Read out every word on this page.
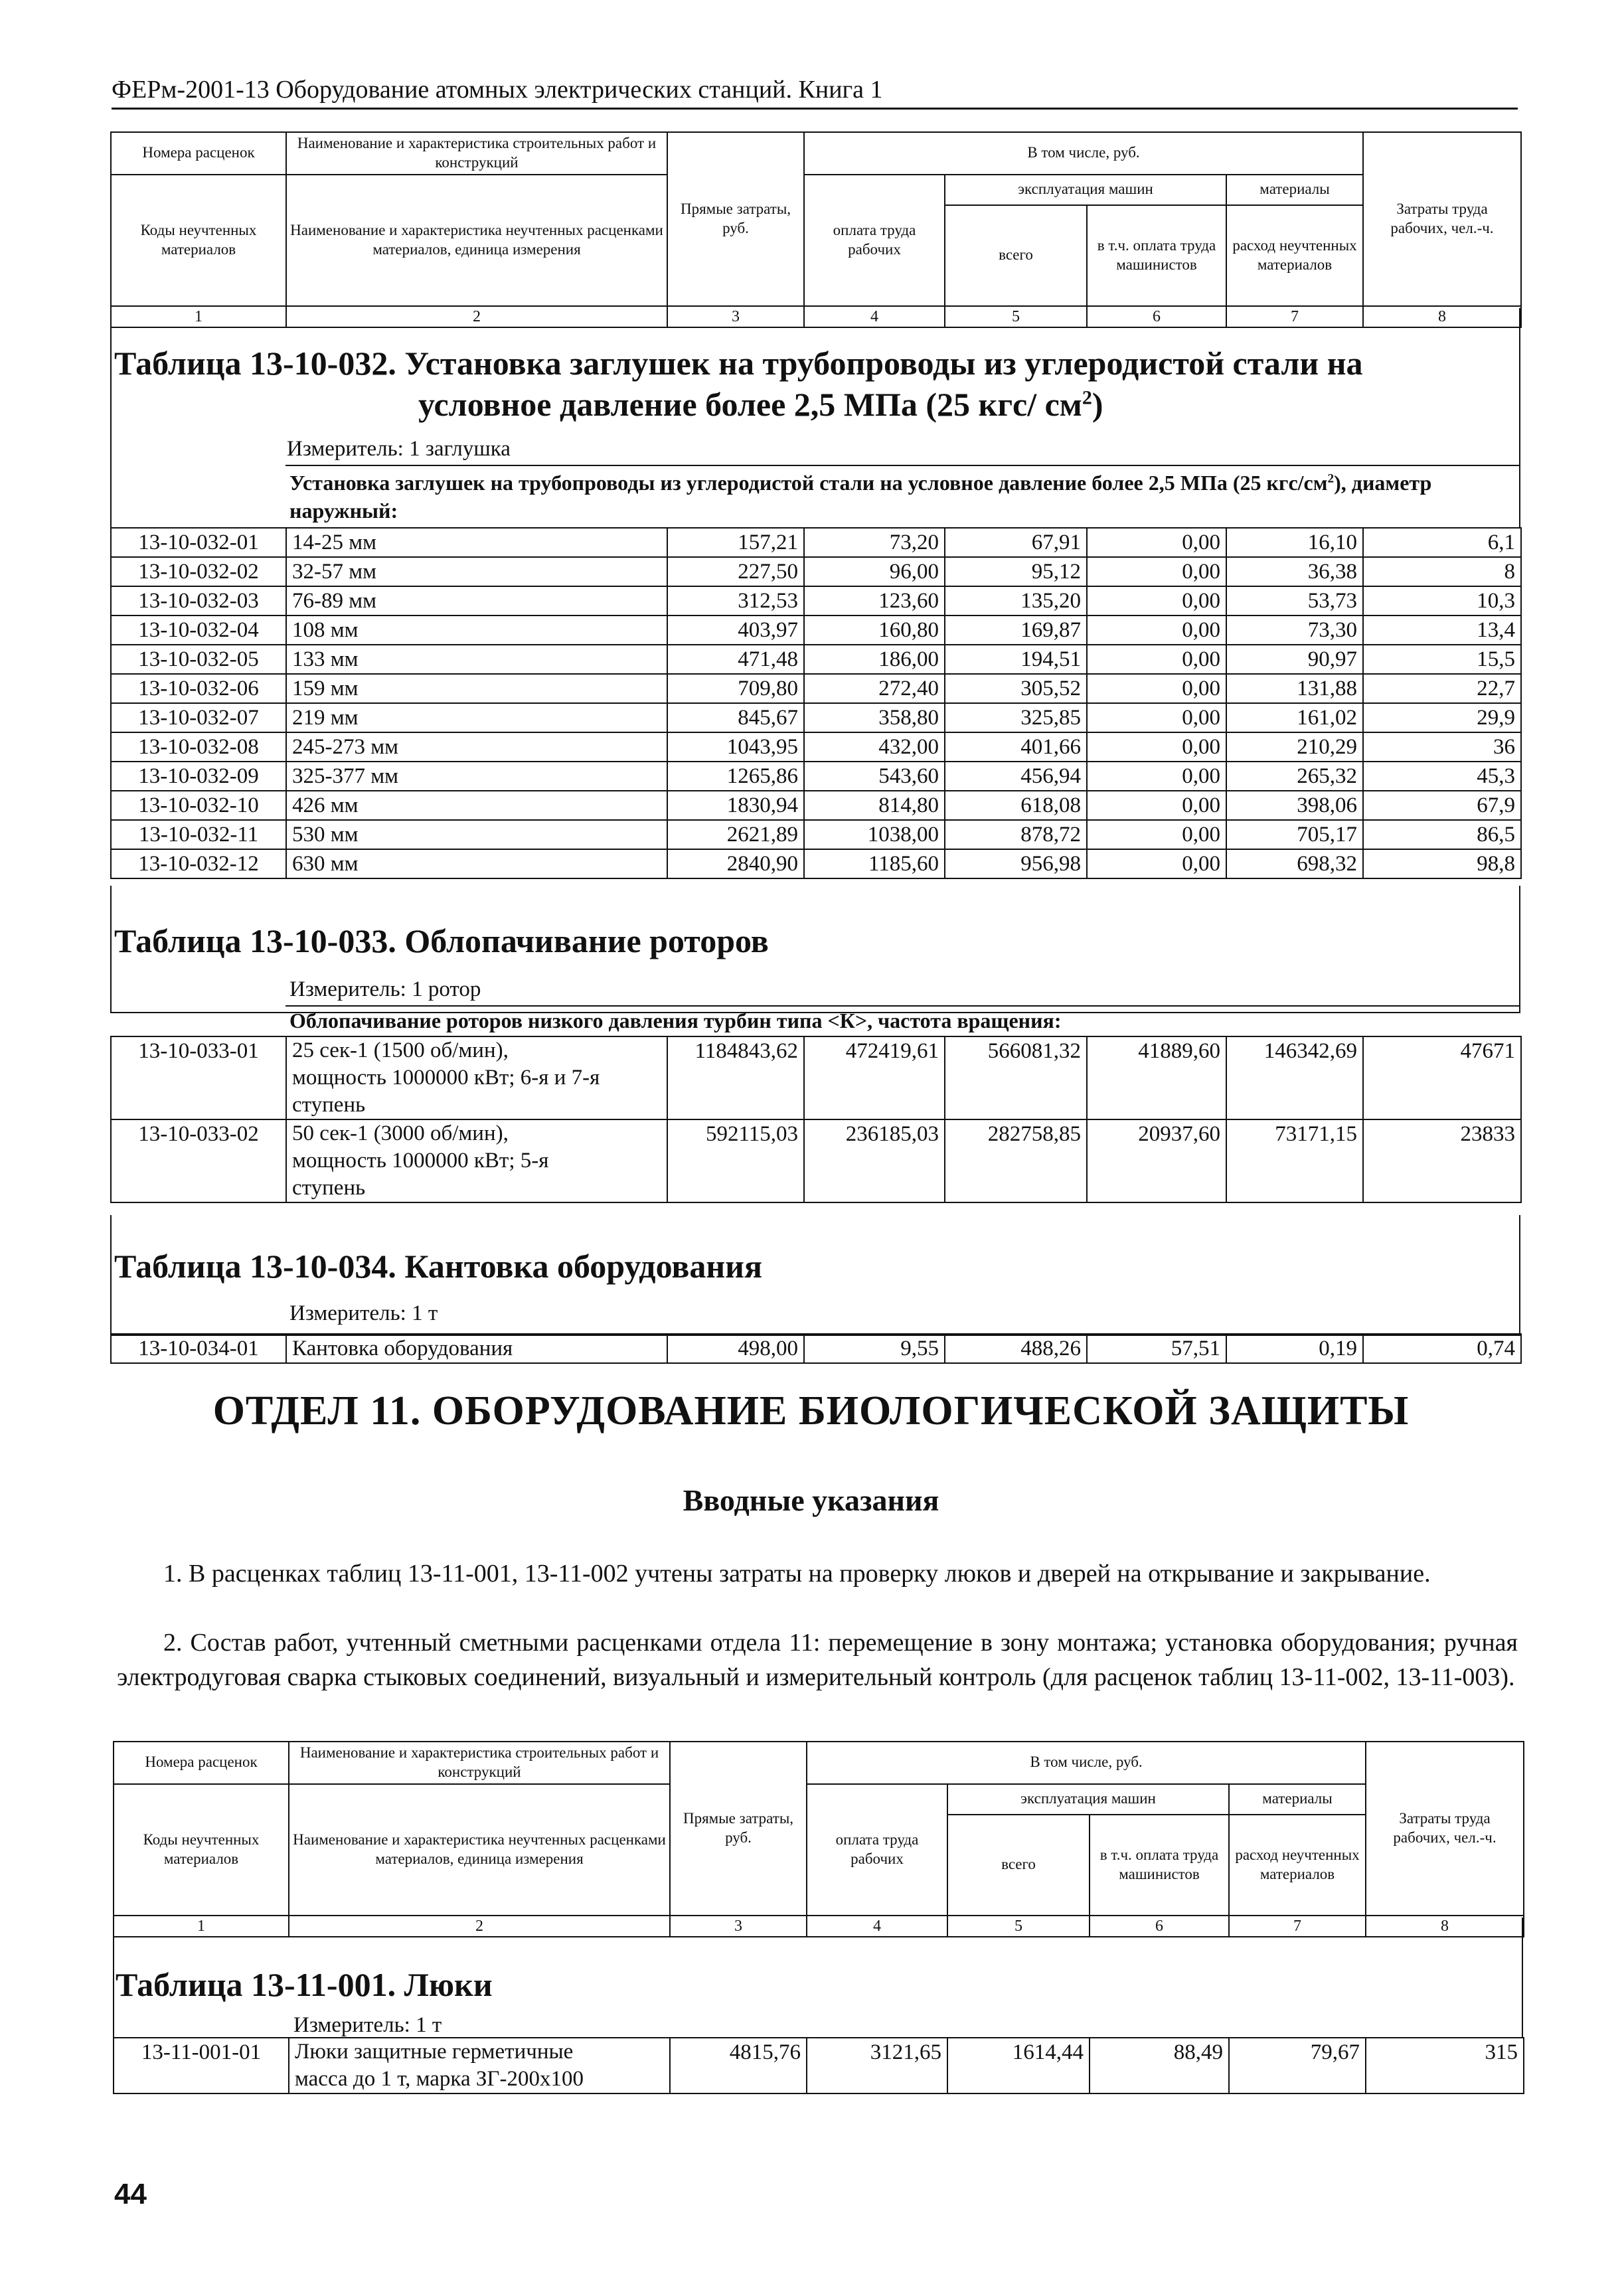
ФЕРм-2001-13 Оборудование атомных электрических станций. Книга 1
Номера расценок	Наименование и характеристика строительных работ и конструкций	Прямые затраты, руб.	В том числе, руб.				Затраты труда рабочих, чел.-ч.
Коды неучтенных материалов	Наименование и характеристика неучтенных расценками материалов, единица измерения		оплата труда рабочих	эксплуатация машин		материалы	
				всего	в т.ч. оплата труда машинистов	расход неучтенных материалов	
1	2	3	4	5	6	7	8
Таблица 13-10-032. Установка заглушек на трубопроводы из углеродистой стали на
условное давление более 2,5 МПа (25 кгс/ $см^2$)
Измеритель: 1 заглушка
Установка заглушек на трубопроводы из углеродистой стали на условное давление более 2,5 МПа (25 кгс/$см^2$), диаметр наружный:
13-10-032-01	14-25 мм	157,21	73,20	67,91	0,00	16,10	6,1
13-10-032-02	32-57 мм	227,50	96,00	95,12	0,00	36,38	8
13-10-032-03	76-89 мм	312,53	123,60	135,20	0,00	53,73	10,3
13-10-032-04	108 мм	403,97	160,80	169,87	0,00	73,30	13,4
13-10-032-05	133 мм	471,48	186,00	194,51	0,00	90,97	15,5
13-10-032-06	159 мм	709,80	272,40	305,52	0,00	131,88	22,7
13-10-032-07	219 мм	845,67	358,80	325,85	0,00	161,02	29,9
13-10-032-08	245-273 мм	1043,95	432,00	401,66	0,00	210,29	36
13-10-032-09	325-377 мм	1265,86	543,60	456,94	0,00	265,32	45,3
13-10-032-10	426 мм	1830,94	814,80	618,08	0,00	398,06	67,9
13-10-032-11	530 мм	2621,89	1038,00	878,72	0,00	705,17	86,5
13-10-032-12	630 мм	2840,90	1185,60	956,98	0,00	698,32	98,8
Таблица 13-10-033. Облопачивание роторов
Измеритель: 1 ротор
Облопачивание роторов низкого давления турбин типа <К>, частота вращения:
13-10-033-01	25 сек-1 (1500 об/мин),
мощность 1000000 кВт; 6-я и 7-я
ступень	1184843,62	472419,61	566081,32	41889,60	146342,69	47671
13-10-033-02	50 сек-1 (3000 об/мин),
мощность 1000000 кВт; 5-я
ступень	592115,03	236185,03	282758,85	20937,60	73171,15	23833
Таблица 13-10-034. Кантовка оборудования
Измеритель: 1 т
13-10-034-01	Кантовка оборудования	498,00	9,55	488,26	57,51	0,19	0,74
ОТДЕЛ 11. ОБОРУДОВАНИЕ БИОЛОГИЧЕСКОЙ ЗАЩИТЫ
Вводные указания
1. В расценках таблиц 13-11-001, 13-11-002 учтены затраты на проверку люков и дверей на открывание и закрывание.
2. Состав работ, учтенный сметными расценками отдела 11: перемещение в зону монтажа; установка оборудования; ручная электродуговая сварка стыковых соединений, визуальный и измерительный контроль (для расценок таблиц 13-11-002, 13-11-003).
Номера расценок	Наименование и характеристика строительных работ и конструкций	Прямые затраты, руб.	В том числе, руб.				Затраты труда рабочих, чел.-ч.
Коды неучтенных материалов	Наименование и характеристика неучтенных расценками материалов, единица измерения		оплата труда рабочих	эксплуатация машин		материалы	
				всего	в т.ч. оплата труда машинистов	расход неучтенных материалов	
1	2	3	4	5	6	7	8
Таблица 13-11-001. Люки
Измеритель: 1 т
13-11-001-01	Люки защитные герметичные
масса до 1 т, марка ЗГ-200х100
	4815,76	3121,65	1614,44	88,49	79,67	315
44
